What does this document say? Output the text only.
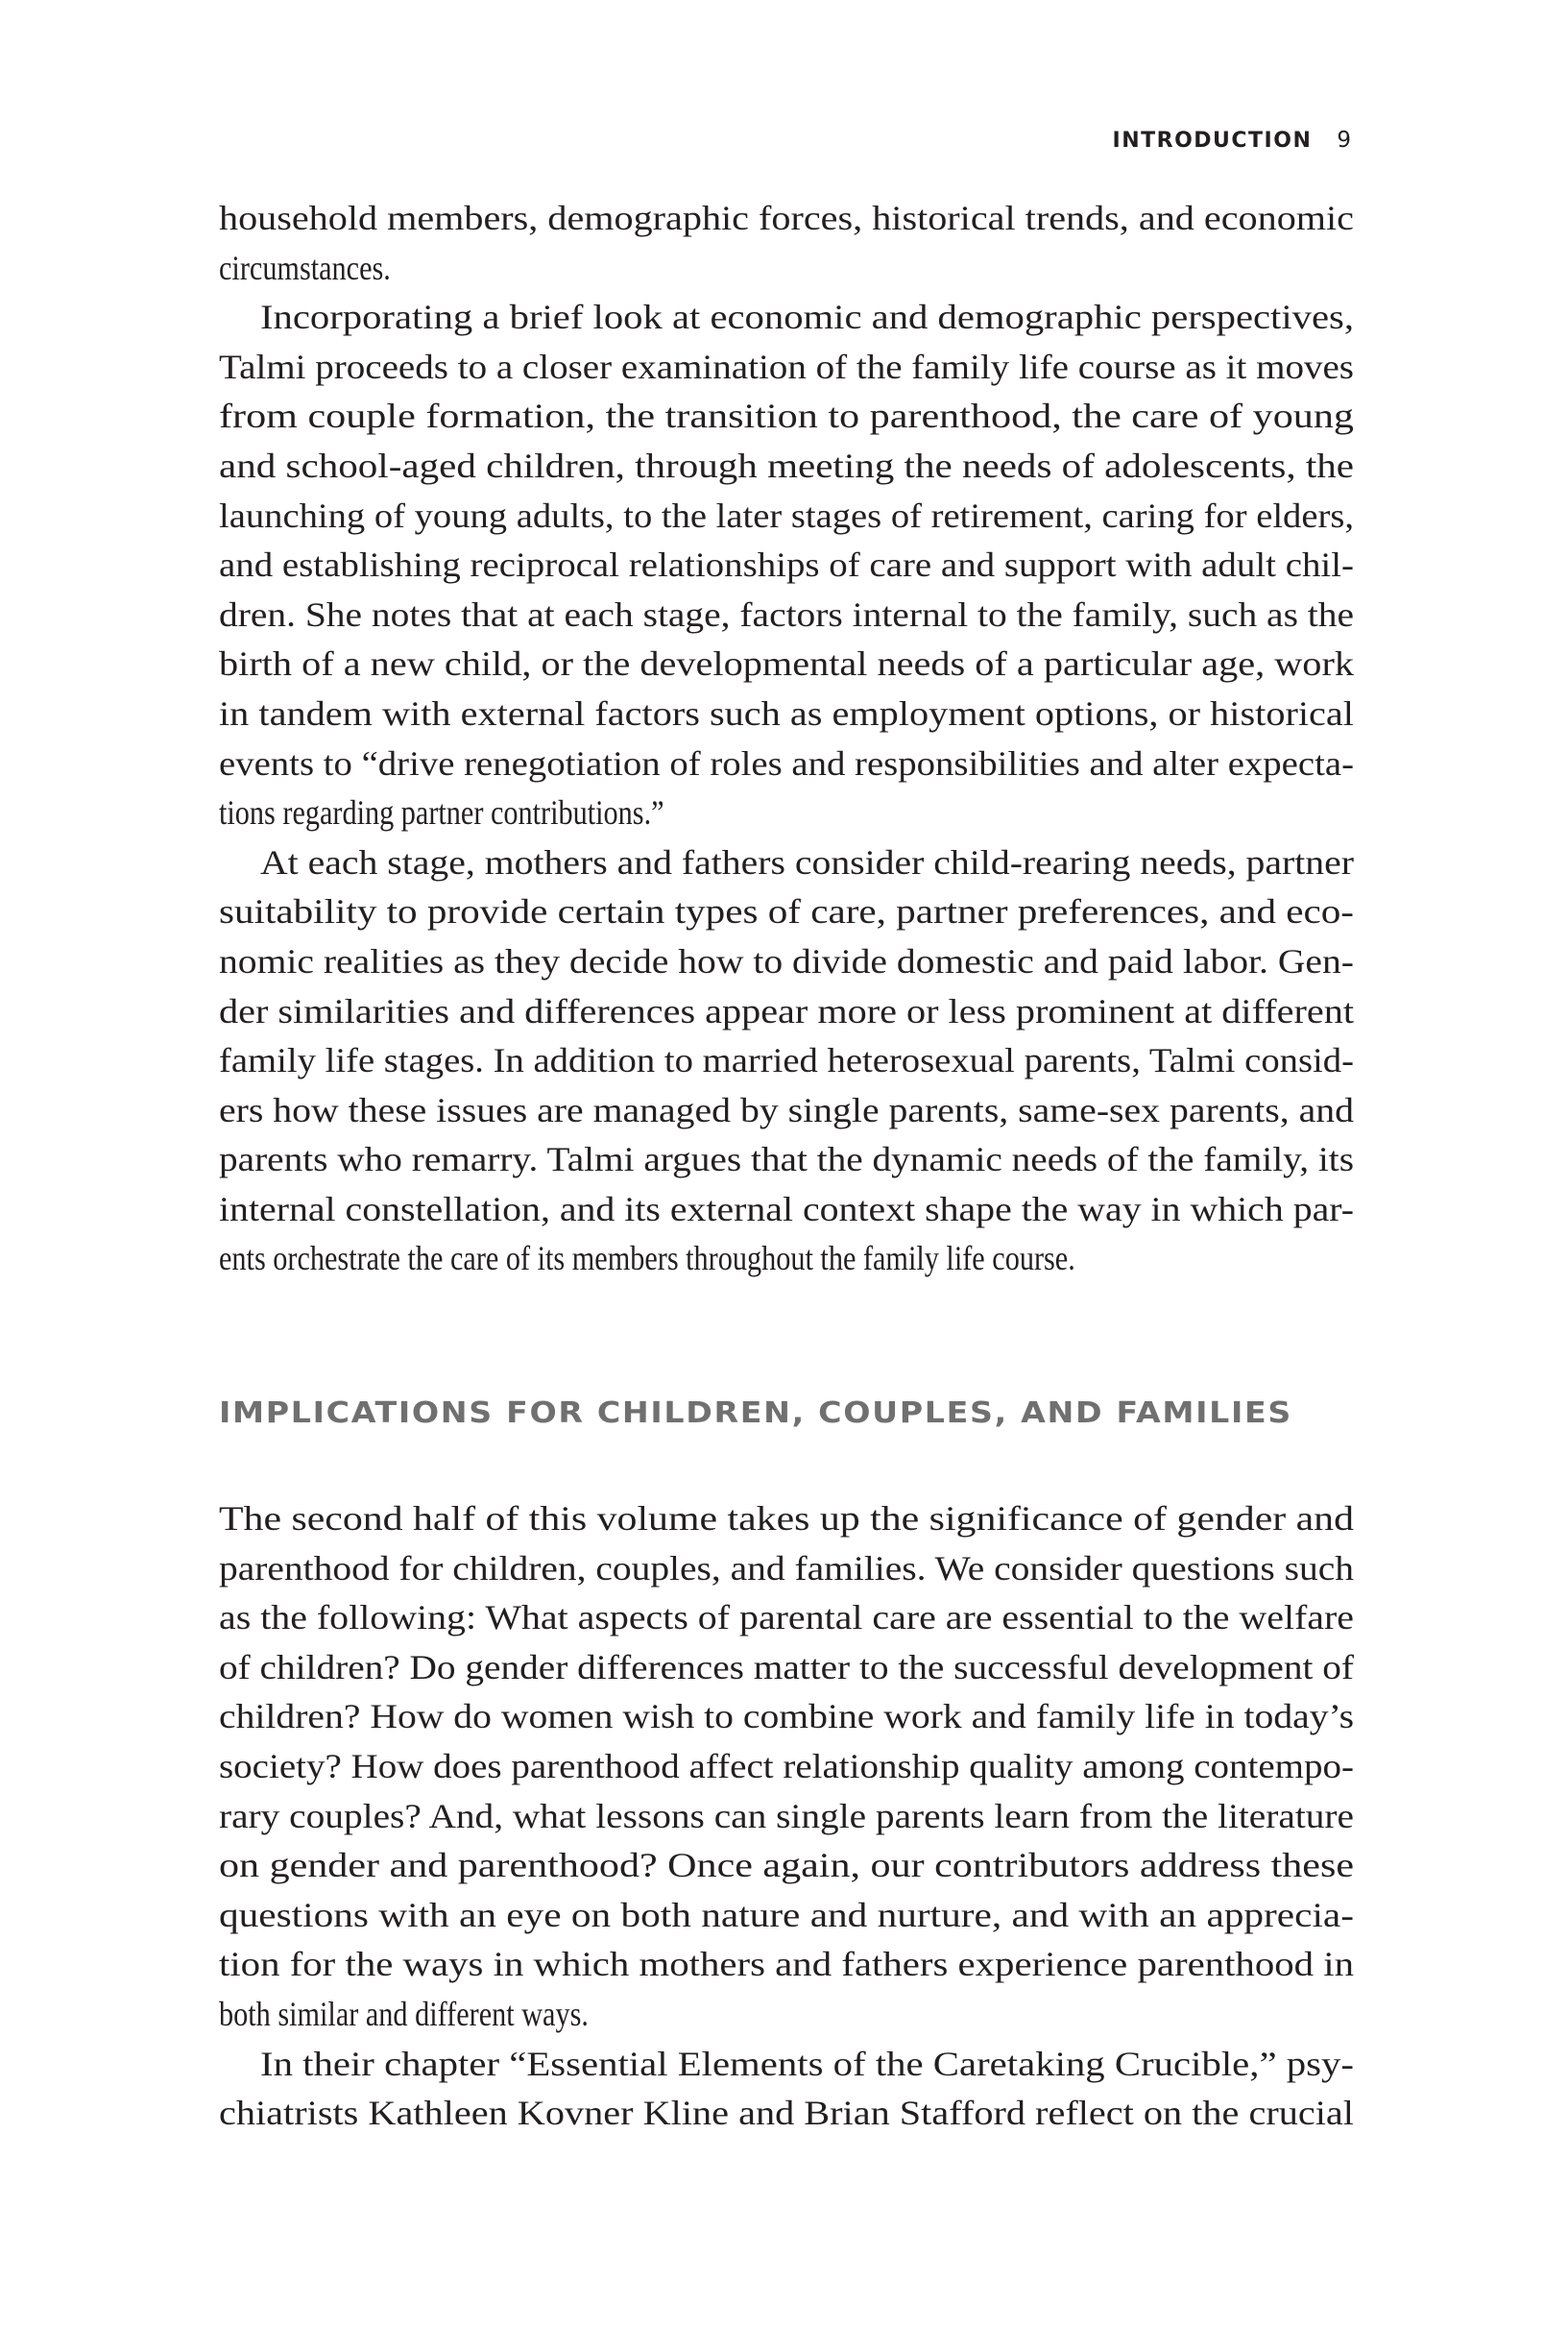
INTRODUCTION 9
household members, demographic forces, historical trends, and economic
circumstances.
Incorporating a brief look at economic and demographic perspectives,
Talmi proceeds to a closer examination of the family life course as it moves
from couple formation, the transition to parenthood, the care of young
and school-aged children, through meeting the needs of adolescents, the
launching of young adults, to the later stages of retirement, caring for elders,
and establishing reciprocal relationships of care and support with adult chil-
dren. She notes that at each stage, factors internal to the family, such as the
birth of a new child, or the developmental needs of a particular age, work
in tandem with external factors such as employment options, or historical
events to “drive renegotiation of roles and responsibilities and alter expecta-
tions regarding partner contributions.”
At each stage, mothers and fathers consider child-rearing needs, partner
suitability to provide certain types of care, partner preferences, and eco-
nomic realities as they decide how to divide domestic and paid labor. Gen-
der similarities and differences appear more or less prominent at different
family life stages. In addition to married heterosexual parents, Talmi consid-
ers how these issues are managed by single parents, same-sex parents, and
parents who remarry. Talmi argues that the dynamic needs of the family, its
internal constellation, and its external context shape the way in which par-
ents orchestrate the care of its members throughout the family life course.
IMPLICATIONS FOR CHILDREN, COUPLES, AND FAMILIES
The second half of this volume takes up the significance of gender and
parenthood for children, couples, and families. We consider questions such
as the following: What aspects of parental care are essential to the welfare
of children? Do gender differences matter to the successful development of
children? How do women wish to combine work and family life in today’s
society? How does parenthood affect relationship quality among contempo-
rary couples? And, what lessons can single parents learn from the literature
on gender and parenthood? Once again, our contributors address these
questions with an eye on both nature and nurture, and with an apprecia-
tion for the ways in which mothers and fathers experience parenthood in
both similar and different ways.
In their chapter “Essential Elements of the Caretaking Crucible,” psy-
chiatrists Kathleen Kovner Kline and Brian Stafford reflect on the crucial
